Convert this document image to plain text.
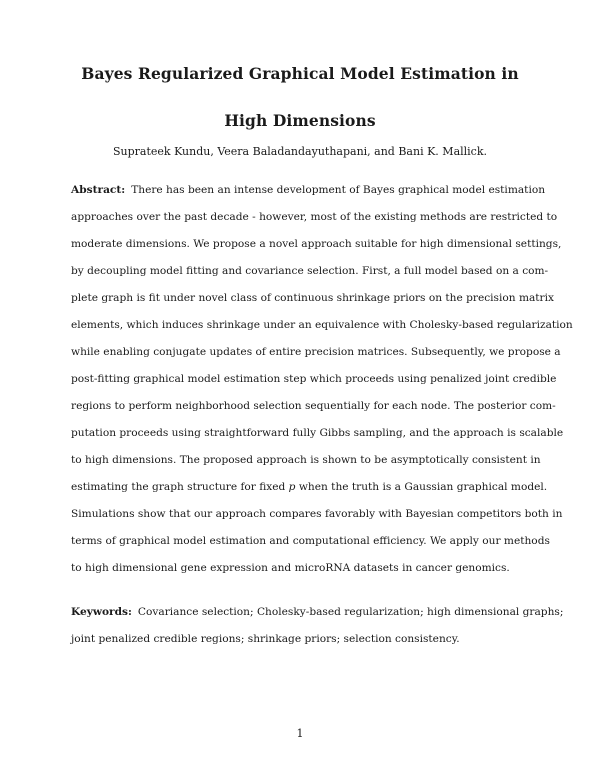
Bayes Regularized Graphical Model Estimation in
High Dimensions

Suprateek Kundu, Veera Baladandayuthapani, and Bani K. Mallick.

Abstract: There has been an intense development of Bayes graphical model estimation
approaches over the past decade - however, most of the existing methods are restricted to
moderate dimensions. We propose a novel approach suitable for high dimensional settings,
by decoupling model fitting and covariance selection. First, a full model based on a com-
plete graph is fit under novel class of continuous shrinkage priors on the precision matrix
elements, which induces shrinkage under an equivalence with Cholesky-based regularization
while enabling conjugate updates of entire precision matrices. Subsequently, we propose a
post-fitting graphical model estimation step which proceeds using penalized joint credible
regions to perform neighborhood selection sequentially for each node. The posterior com-
putation proceeds using straightforward fully Gibbs sampling, and the approach is scalable
to high dimensions. The proposed approach is shown to be asymptotically consistent in
estimating the graph structure for fixed p when the truth is a Gaussian graphical model.
Simulations show that our approach compares favorably with Bayesian competitors both in
terms of graphical model estimation and computational efficiency. We apply our methods
to high dimensional gene expression and microRNA datasets in cancer genomics.
Keywords: Covariance selection; Cholesky-based regularization; high dimensional graphs;
joint penalized credible regions; shrinkage priors; selection consistency.

1
